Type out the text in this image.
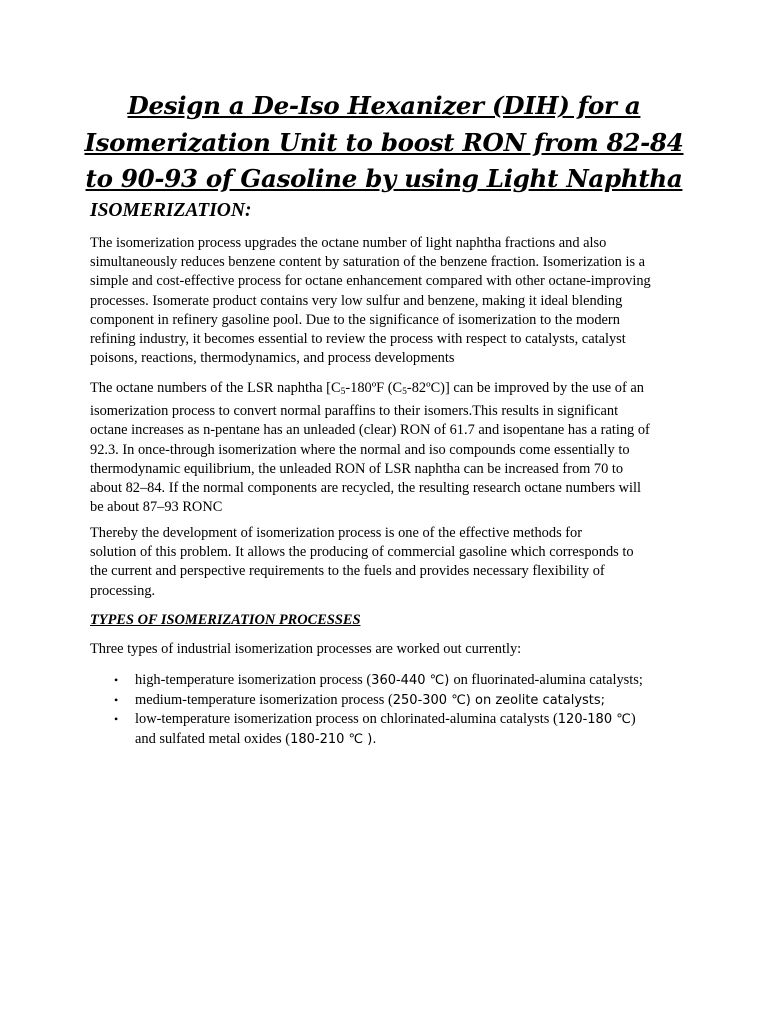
Design a De-Iso Hexanizer (DIH) for a
Isomerization Unit to boost RON from 82-84
to 90-93 of Gasoline by using Light Naphtha
ISOMERIZATION:

The isomerization process upgrades the octane number of light naphtha fractions and also
simultaneously reduces benzene content by saturation of the benzene fraction. Isomerization is a
simple and cost-effective process for octane enhancement compared with other octane-improving
processes. Isomerate product contains very low sulfur and benzene, making it ideal blending
component in refinery gasoline pool. Due to the significance of isomerization to the modern
refining industry, it becomes essential to review the process with respect to catalysts, catalyst
poisons, reactions, thermodynamics, and process developments

The octane numbers of the LSR naphtha [$C_5-180ºF$ $(C_5-82ºC)$] can be improved by the use of an
isomerization process to convert normal paraffins to their isomers.This results in significant
octane increases as n-pentane has an unleaded (clear) RON of 61.7 and isopentane has a rating of
92.3. In once-through isomerization where the normal and iso compounds come essentially to
thermodynamic equilibrium, the unleaded RON of LSR naphtha can be increased from 70 to
about 82–84. If the normal components are recycled, the resulting research octane numbers will
be about 87–93 RONC

Thereby the development of isomerization process is one of the effective methods for
solution of this problem. It allows the producing of commercial gasoline which corresponds to
the current and perspective requirements to the fuels and provides necessary flexibility of
processing.

TYPES OF ISOMERIZATION PROCESSES

Three types of industrial isomerization processes are worked out currently:

• high-temperature isomerization process (360-440 ℃) on fluorinated-alumina catalysts;
• medium-temperature isomerization process (250-300 ℃) on zeolite catalysts;
• low-temperature isomerization process on chlorinated-alumina catalysts (120-180 ℃)
and sulfated metal oxides (180-210 ℃ ).
